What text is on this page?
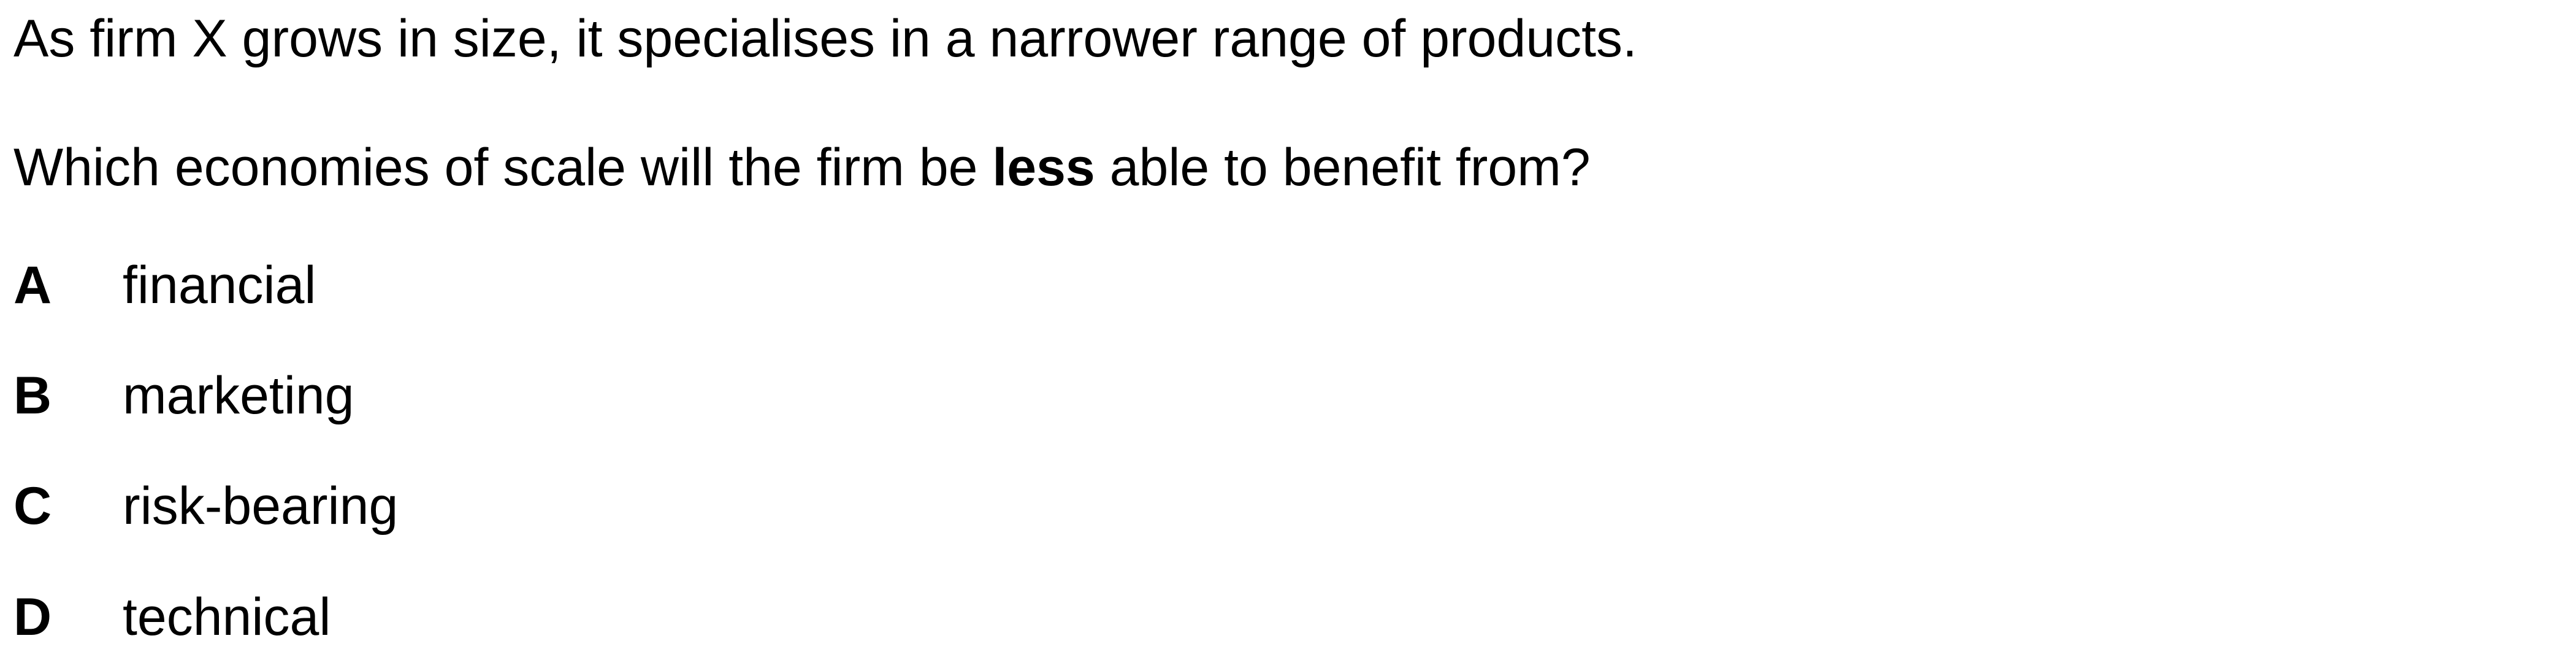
As firm X grows in size, it specialises in a narrower range of products.
Which economies of scale will the firm be less able to benefit from?
A financial
B marketing
C risk-bearing
D technical
